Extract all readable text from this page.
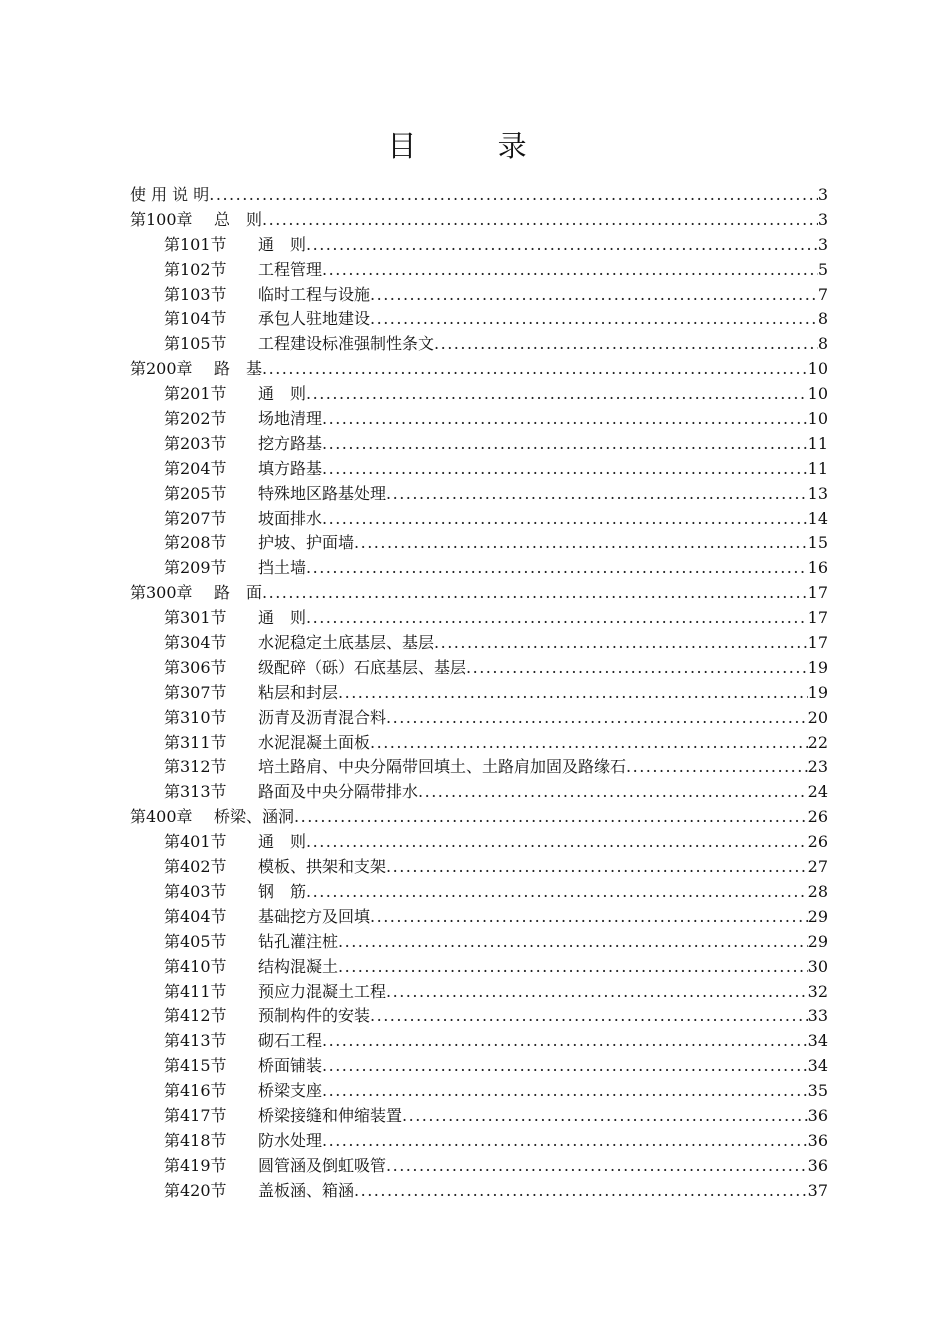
目 录
使 用 说 明 .....	3
第100章	总　则 .....	3
第101节	通　则 .....	3
第102节	工程管理 .....	5
第103节	临时工程与设施 .....	7
第104节	承包人驻地建设 .....	8
第105节	工程建设标准强制性条文 .....	8
第200章	路　基 .....	10
第201节	通　则 .....	10
第202节	场地清理 .....	10
第203节	挖方路基 .....	11
第204节	填方路基 .....	11
第205节	特殊地区路基处理 .....	13
第207节	坡面排水 .....	14
第208节	护坡、护面墙 .....	15
第209节	挡土墙 .....	16
第300章	路　面 .....	17
第301节	通　则 .....	17
第304节	水泥稳定土底基层、基层 .....	17
第306节	级配碎（砾）石底基层、基层 .....	19
第307节	粘层和封层 .....	19
第310节	沥青及沥青混合料 .....	20
第311节	水泥混凝土面板 .....	22
第312节	培土路肩、中央分隔带回填土、土路肩加固及路缘石 .....	23
第313节	路面及中央分隔带排水 .....	24
第400章	桥梁、涵洞 .....	26
第401节	通　则 .....	26
第402节	模板、拱架和支架 .....	27
第403节	钢　筋 .....	28
第404节	基础挖方及回填 .....	29
第405节	钻孔灌注桩 .....	29
第410节	结构混凝土 .....	30
第411节	预应力混凝土工程 .....	32
第412节	预制构件的安装 .....	33
第413节	砌石工程 .....	34
第415节	桥面铺装 .....	34
第416节	桥梁支座 .....	35
第417节	桥梁接缝和伸缩装置 .....	36
第418节	防水处理 .....	36
第419节	圆管涵及倒虹吸管 .....	36
第420节	盖板涵、箱涵 .....	37
